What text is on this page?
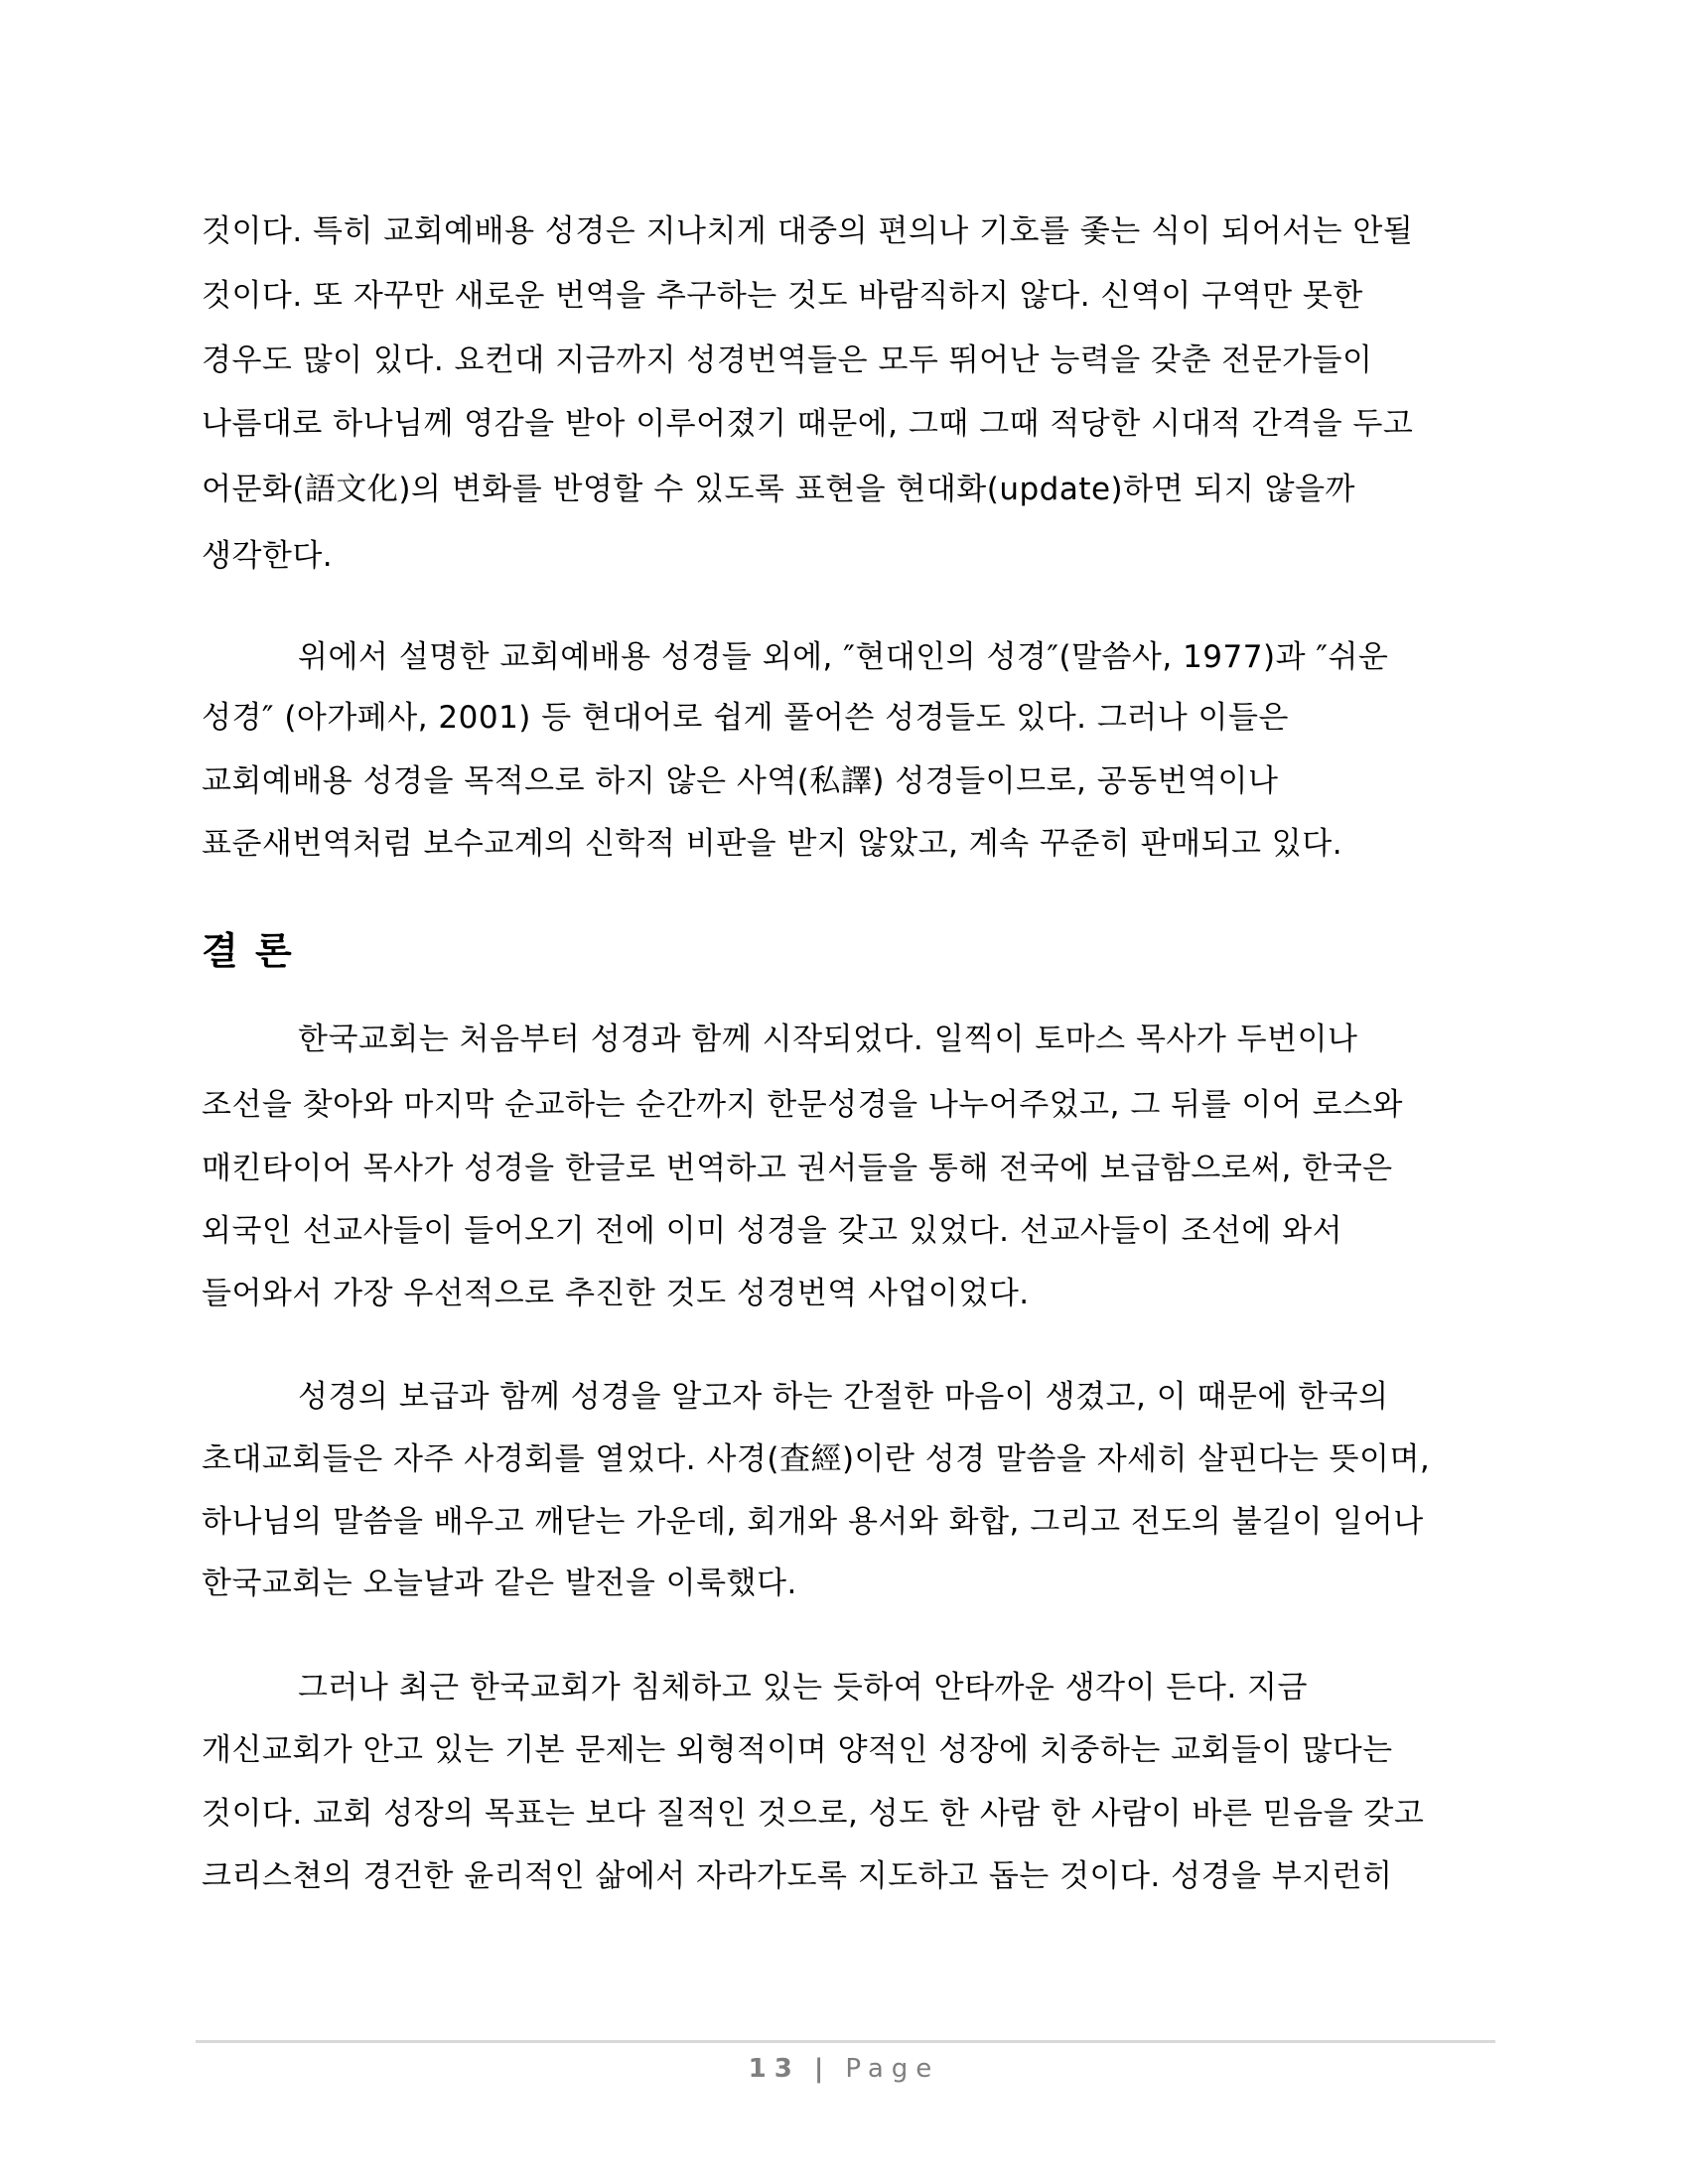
것이다. 특히 교회예배용 성경은 지나치게 대중의 편의나 기호를 좇는 식이 되어서는 안될
것이다. 또 자꾸만 새로운 번역을 추구하는 것도 바람직하지 않다. 신역이 구역만 못한
경우도 많이 있다. 요컨대 지금까지 성경번역들은 모두 뛰어난 능력을 갖춘 전문가들이
나름대로 하나님께 영감을 받아 이루어졌기 때문에, 그때 그때 적당한 시대적 간격을 두고
어문화(語文化)의 변화를 반영할 수 있도록 표현을 현대화(update)하면 되지 않을까
생각한다.
위에서 설명한 교회예배용 성경들 외에, ″현대인의 성경″(말씀사, 1977)과 ″쉬운
성경″ (아가페사, 2001) 등 현대어로 쉽게 풀어쓴 성경들도 있다. 그러나 이들은
교회예배용 성경을 목적으로 하지 않은 사역(私譯) 성경들이므로, 공동번역이나
표준새번역처럼 보수교계의 신학적 비판을 받지 않았고, 계속 꾸준히 판매되고 있다.
결 론
한국교회는 처음부터 성경과 함께 시작되었다. 일찍이 토마스 목사가 두번이나
조선을 찾아와 마지막 순교하는 순간까지 한문성경을 나누어주었고, 그 뒤를 이어 로스와
매킨타이어 목사가 성경을 한글로 번역하고 권서들을 통해 전국에 보급함으로써, 한국은
외국인 선교사들이 들어오기 전에 이미 성경을 갖고 있었다. 선교사들이 조선에 와서
들어와서 가장 우선적으로 추진한 것도 성경번역 사업이었다.
성경의 보급과 함께 성경을 알고자 하는 간절한 마음이 생겼고, 이 때문에 한국의
초대교회들은 자주 사경회를 열었다. 사경(査經)이란 성경 말씀을 자세히 살핀다는 뜻이며,
하나님의 말씀을 배우고 깨닫는 가운데, 회개와 용서와 화합, 그리고 전도의 불길이 일어나
한국교회는 오늘날과 같은 발전을 이룩했다.
그러나 최근 한국교회가 침체하고 있는 듯하여 안타까운 생각이 든다. 지금
개신교회가 안고 있는 기본 문제는 외형적이며 양적인 성장에 치중하는 교회들이 많다는
것이다. 교회 성장의 목표는 보다 질적인 것으로, 성도 한 사람 한 사람이 바른 믿음을 갖고
크리스쳔의 경건한 윤리적인 삶에서 자라가도록 지도하고 돕는 것이다. 성경을 부지런히
13 | Page
